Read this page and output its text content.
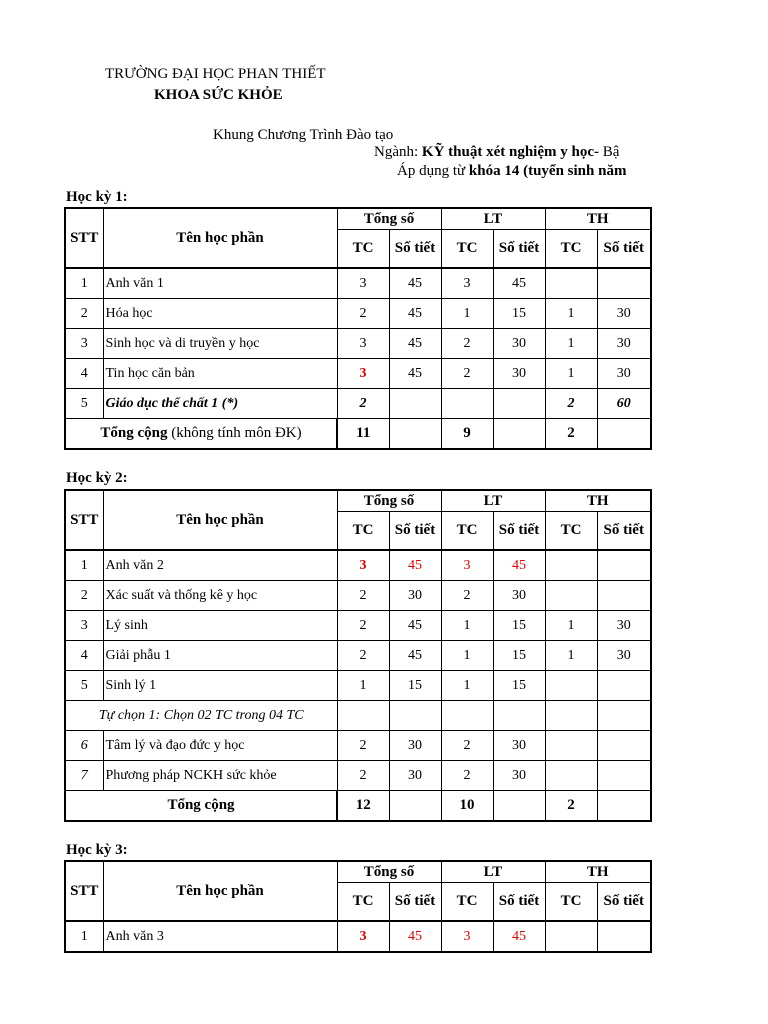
TRƯỜNG ĐẠI HỌC PHAN THIẾT
KHOA SỨC KHỎE
Khung Chương Trình Đào tạo
Ngành: KỸ thuật xét nghiệm y học- Bậ
Áp dụng từ khóa 14 (tuyển sinh năm
Học kỳ 1:
STT	Tên học phần	Tổng số		LT		TH	
		TC	Số tiết	TC	Số tiết	TC	Số tiết
1	Anh văn 1	3	45	3	45		
2	Hóa học	2	45	1	15	1	30
3	Sinh học và di truyền y học	3	45	2	30	1	30
4	Tin học căn bản	3	45	2	30	1	30
5	Giáo dục thể chất 1 (*)	2				2	60
Tổng cộng (không tính môn ĐK)		11		9		2	
Học kỳ 2:
STT	Tên học phần	Tổng số		LT		TH	
		TC	Số tiết	TC	Số tiết	TC	Số tiết
1	Anh văn 2	3	45	3	45		
2	Xác suất và thống kê y học	2	30	2	30		
3	Lý sinh	2	45	1	15	1	30
4	Giải phẫu 1	2	45	1	15	1	30
5	Sinh lý 1	1	15	1	15		
Tự chọn 1: Chọn 02 TC trong 04 TC							
6	Tâm lý và đạo đức y học	2	30	2	30		
7	Phương pháp NCKH sức khỏe	2	30	2	30		
Tổng cộng		12		10		2	
Học kỳ 3:
STT	Tên học phần	Tổng số		LT		TH	
		TC	Số tiết	TC	Số tiết	TC	Số tiết
1	Anh văn 3	3	45	3	45		
